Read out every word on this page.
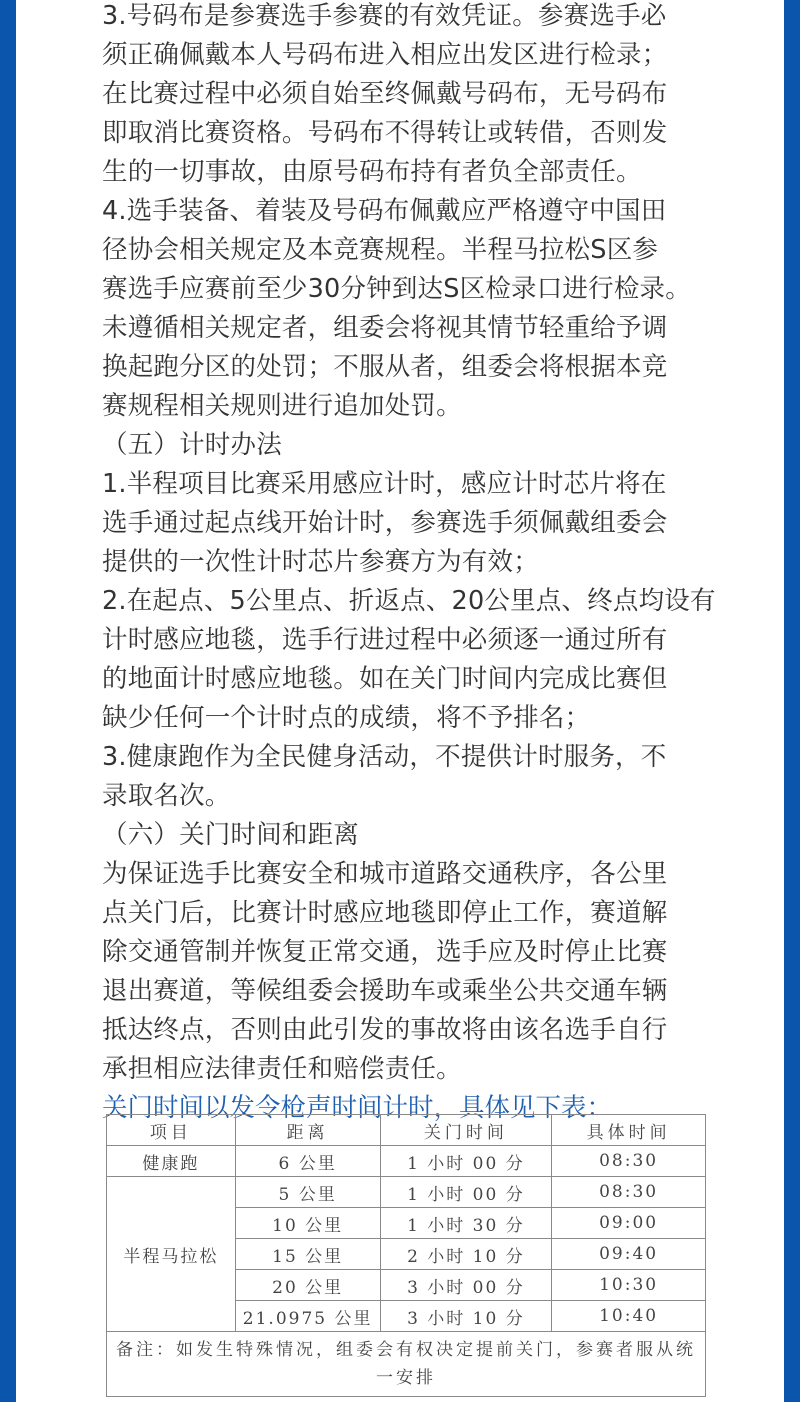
3.号码布是参赛选手参赛的有效凭证。参赛选手必
须正确佩戴本人号码布进入相应出发区进行检录；
在比赛过程中必须自始至终佩戴号码布，无号码布
即取消比赛资格。号码布不得转让或转借，否则发
生的一切事故，由原号码布持有者负全部责任。

4.选手装备、着装及号码布佩戴应严格遵守中国田
径协会相关规定及本竞赛规程。半程马拉松S区参
赛选手应赛前至少30分钟到达S区检录口进行检录。
未遵循相关规定者，组委会将视其情节轻重给予调
换起跑分区的处罚；不服从者，组委会将根据本竞
赛规程相关规则进行追加处罚。

（五）计时办法

1.半程项目比赛采用感应计时，感应计时芯片将在
选手通过起点线开始计时，参赛选手须佩戴组委会
提供的一次性计时芯片参赛方为有效；

2.在起点、5公里点、折返点、20公里点、终点均设有
计时感应地毯，选手行进过程中必须逐一通过所有
的地面计时感应地毯。如在关门时间内完成比赛但
缺少任何一个计时点的成绩，将不予排名；

3.健康跑作为全民健身活动，不提供计时服务，不
录取名次。

（六）关门时间和距离

为保证选手比赛安全和城市道路交通秩序，各公里
点关门后，比赛计时感应地毯即停止工作，赛道解
除交通管制并恢复正常交通，选手应及时停止比赛
退出赛道，等候组委会援助车或乘坐公共交通车辆
抵达终点，否则由此引发的事故将由该名选手自行
承担相应法律责任和赔偿责任。

关门时间以发令枪声时间计时，具体见下表：

项目	距离	关门时间	具体时间
健康跑	6 公里	1 小时 00 分	08:30
半程马拉松	5 公里	1 小时 00 分	08:30
	10 公里	1 小时 30 分	09:00
	15 公里	2 小时 10 分	09:40
	20 公里	3 小时 00 分	10:30
	21.0975 公里	3 小时 10 分	10:40
备注：如发生特殊情况，组委会有权决定提前关门，参赛者服从统一安排			
